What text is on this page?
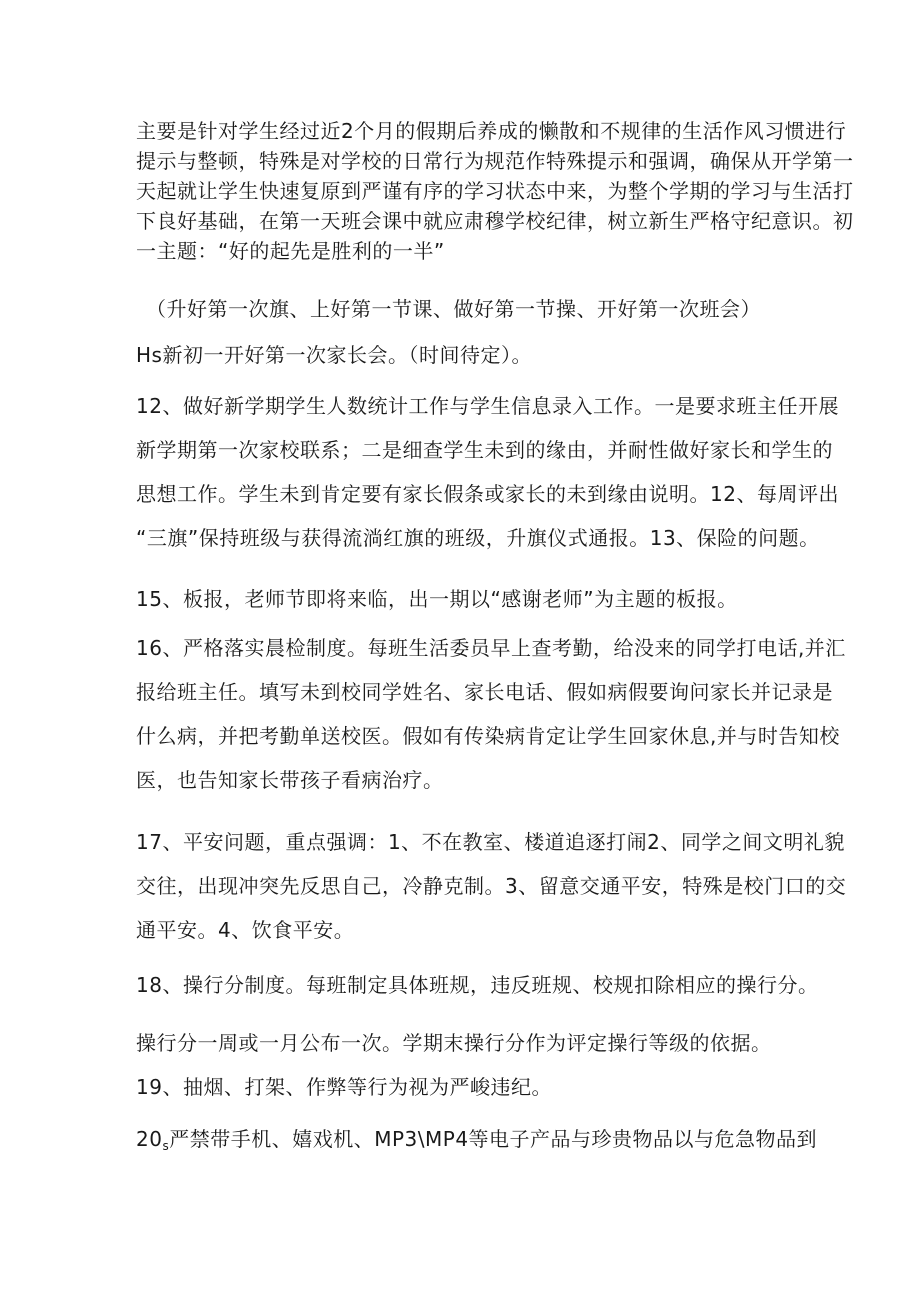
主要是针对学生经过近2个月的假期后养成的懒散和不规律的生活作风习惯进行
提示与整顿，特殊是对学校的日常行为规范作特殊提示和强调，确保从开学第一
天起就让学生快速复原到严谨有序的学习状态中来，为整个学期的学习与生活打
下良好基础，在第一天班会课中就应肃穆学校纪律，树立新生严格守纪意识。初
一主题：“好的起先是胜利的一半”
（升好第一次旗、上好第一节课、做好第一节操、开好第一次班会）
Hs新初一开好第一次家长会。（时间待定）。
12、做好新学期学生人数统计工作与学生信息录入工作。一是要求班主任开展
新学期第一次家校联系；二是细查学生未到的缘由，并耐性做好家长和学生的
思想工作。学生未到肯定要有家长假条或家长的未到缘由说明。12、每周评出
“三旗”保持班级与获得流淌红旗的班级，升旗仪式通报。13、保险的问题。
15、板报，老师节即将来临，出一期以“感谢老师”为主题的板报。
16、严格落实晨检制度。每班生活委员早上查考勤，给没来的同学打电话,并汇
报给班主任。填写未到校同学姓名、家长电话、假如病假要询问家长并记录是
什么病，并把考勤单送校医。假如有传染病肯定让学生回家休息,并与时告知校
医，也告知家长带孩子看病治疗。
17、平安问题，重点强调：1、不在教室、楼道追逐打闹2、同学之间文明礼貌
交往，出现冲突先反思自己，冷静克制。3、留意交通平安，特殊是校门口的交
通平安。4、饮食平安。
18、操行分制度。每班制定具体班规，违反班规、校规扣除相应的操行分。
操行分一周或一月公布一次。学期末操行分作为评定操行等级的依据。
19、抽烟、打架、作弊等行为视为严峻违纪。
$20_s$严禁带手机、嬉戏机、MP3\MP4等电子产品与珍贵物品以与危急物品到
